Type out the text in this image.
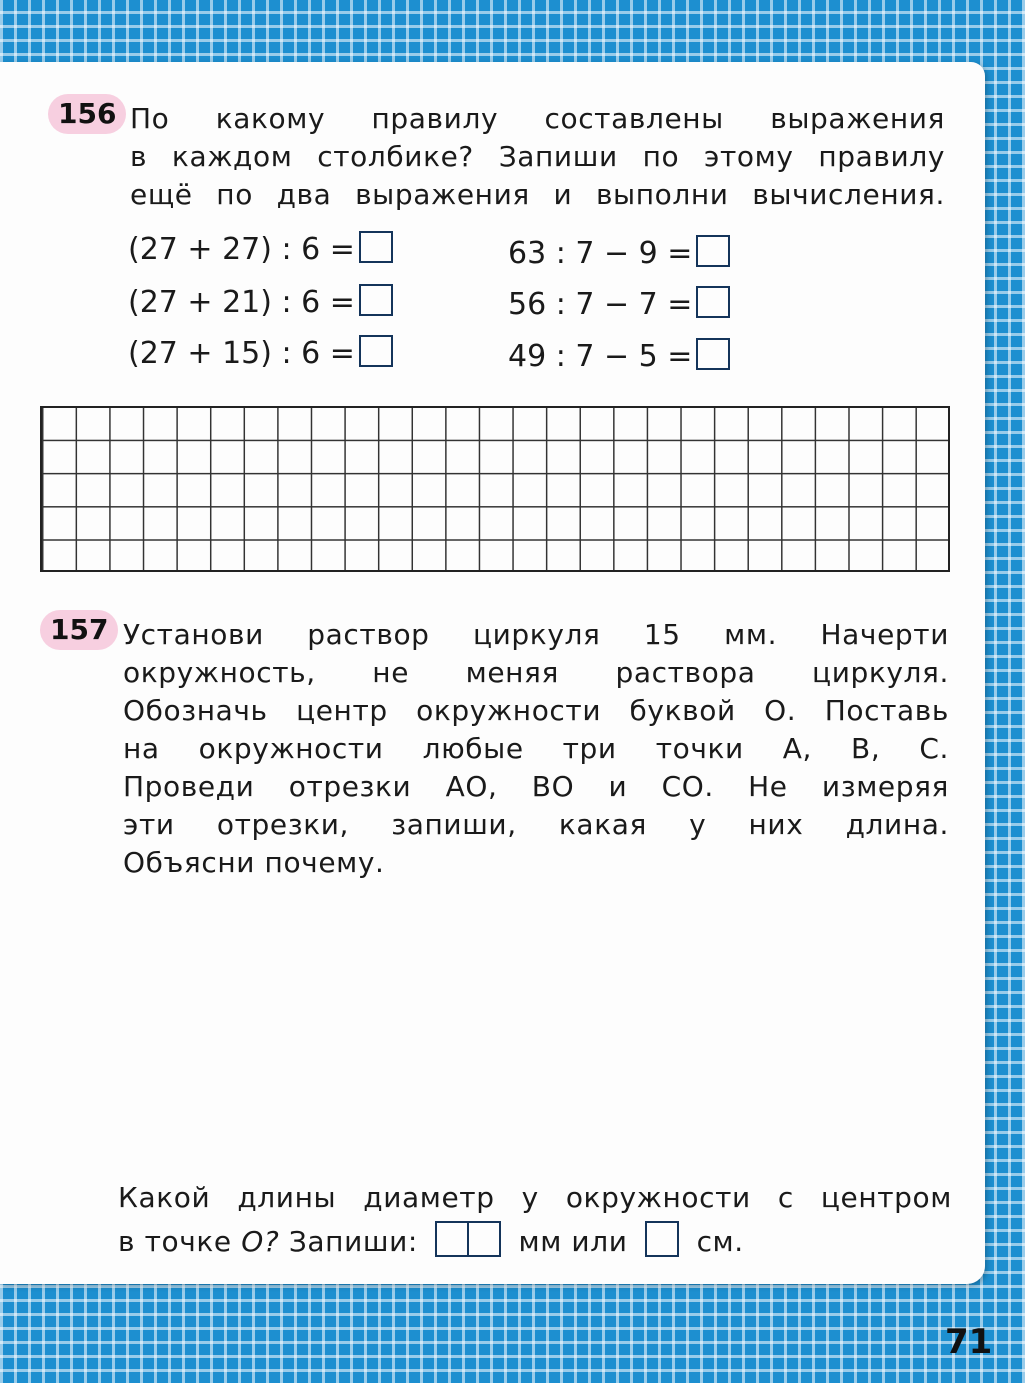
156 По какому правилу составлены выражения
в каждом столбике? Запиши по этому правилу
ещё по два выражения и выполни вычисления.
(27 + 27) : 6 =
(27 + 21) : 6 =
(27 + 15) : 6 =
63 : 7 − 9 =
56 : 7 − 7 =
49 : 7 − 5 =
157 Установи раствор циркуля 15 мм. Начерти
окружность, не меняя раствора циркуля.
Обозначь центр окружности буквой О. Поставь
на окружности любые три точки А, В, С.
Проведи отрезки АО, ВО и СО. Не измеряя
эти отрезки, запиши, какая у них длина.
Объясни почему.
Какой длины диаметр у окружности с центром
в точке О? Запиши:	мм или см.
71
